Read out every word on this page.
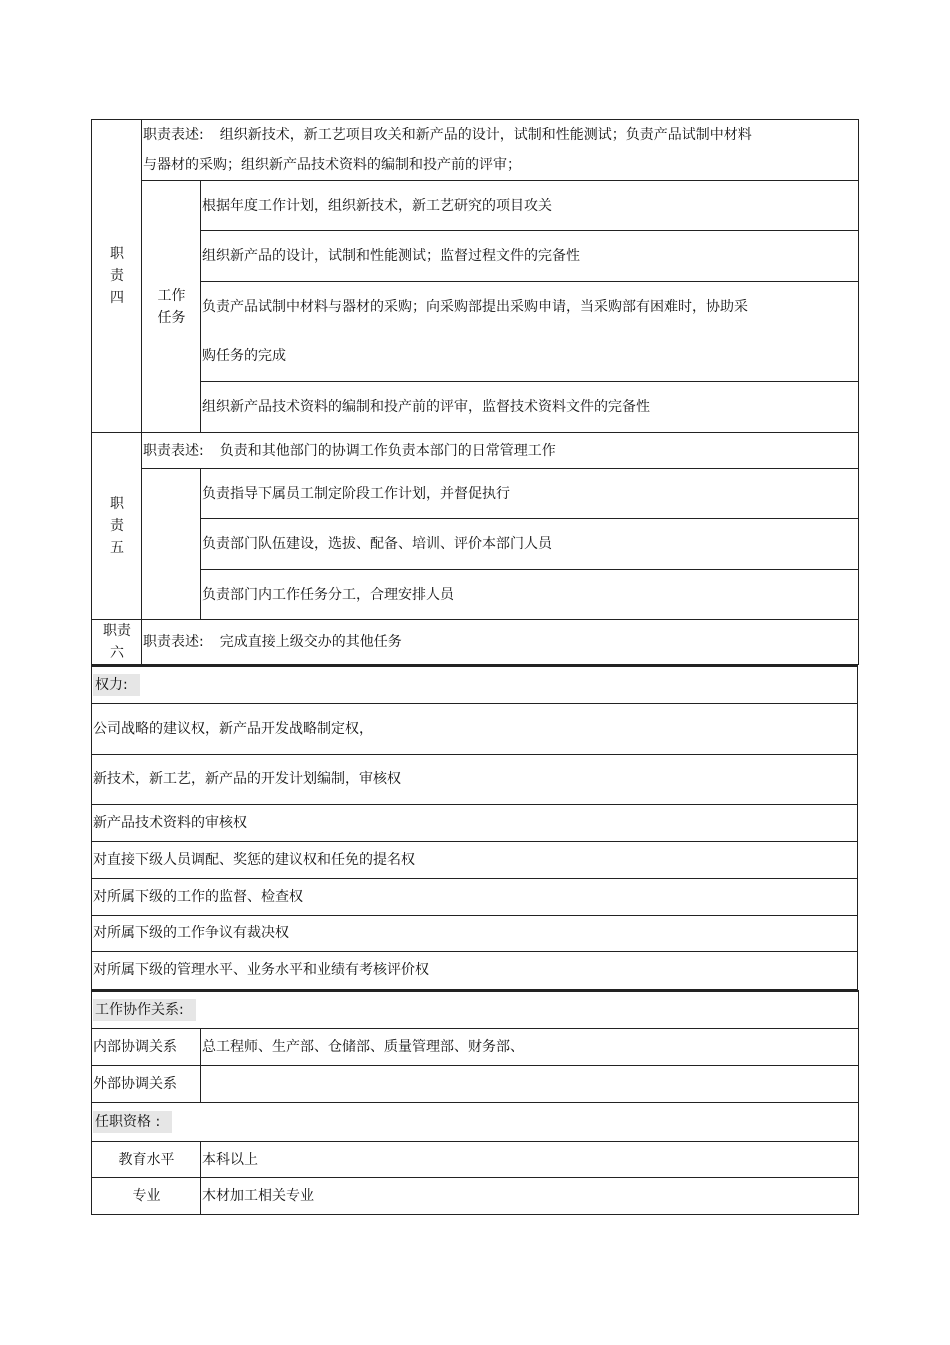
职
责
四	职责表述: 组织新技术，新工艺项目攻关和新产品的设计，试制和性能测试；负责产品试制中材料
与器材的采购；组织新产品技术资料的编制和投产前的评审；	

	工作
任务	根据年度工作计划，组织新技术，新工艺研究的项目攻关
		组织新产品的设计，试制和性能测试；监督过程文件的完备性
		负责产品试制中材料与器材的采购；向采购部提出采购申请，当采购部有困难时，协助采
		购任务的完成
		组织新产品技术资料的编制和投产前的评审，监督技术资料文件的完备性

职
责
五	职责表述: 负责和其他部门的协调工作负责本部门的日常管理工作	
		负责指导下属员工制定阶段工作计划，并督促执行
		负责部门队伍建设，选拔、配备、培训、评价本部门人员
		负责部门内工作任务分工，合理安排人员

职责
六	职责表述: 完成直接上级交办的其他任务	
权力:
公司战略的建议权，新产品开发战略制定权，
新技术，新工艺，新产品的开发计划编制，审核权
新产品技术资料的审核权
对直接下级人员调配、奖惩的建议权和任免的提名权
对所属下级的工作的监督、检查权
对所属下级的工作争议有裁决权
对所属下级的管理水平、业务水平和业绩有考核评价权
工作协作关系:	
内部协调关系	总工程师、生产部、仓储部、质量管理部、财务部、
外部协调关系	
任职资格 :	
教育水平	本科以上
专业	木材加工相关专业
